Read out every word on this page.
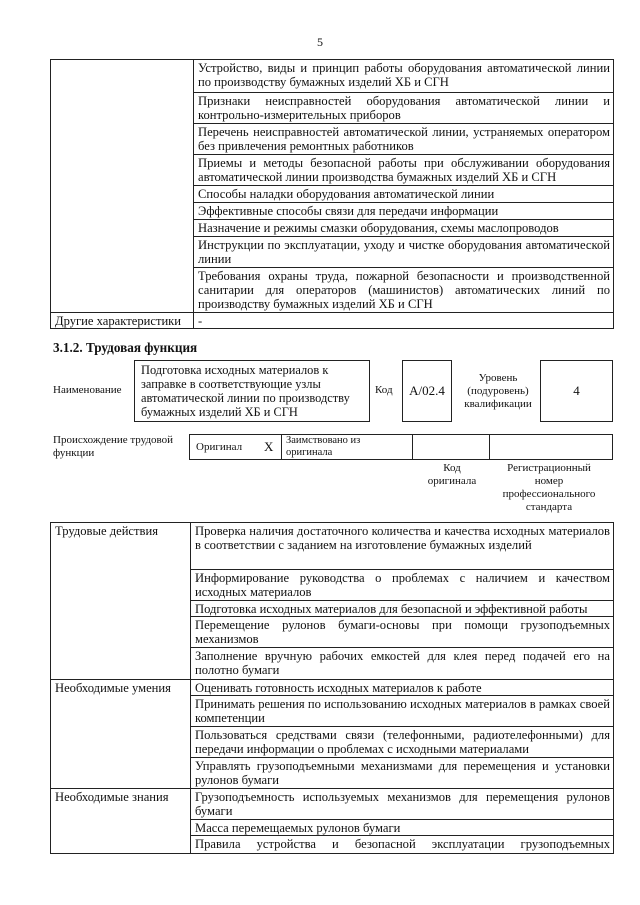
5
	Устройство, виды и принцип работы оборудования автоматической линии по производству бумажных изделий ХБ и СГН
	Признаки неисправностей оборудования автоматической линии и контрольно-измерительных приборов
	Перечень неисправностей автоматической линии, устраняемых оператором без привлечения ремонтных работников
	Приемы и методы безопасной работы при обслуживании оборудования автоматической линии производства бумажных изделий ХБ и СГН
	Способы наладки оборудования автоматической линии
	Эффективные способы связи для передачи информации
	Назначение и режимы смазки оборудования, схемы маслопроводов
	Инструкции по эксплуатации, уходу и чистке оборудования автоматической линии
	Требования охраны труда, пожарной безопасности и производственной санитарии для операторов (машинистов) автоматических линий по производству бумажных изделий ХБ и СГН
Другие характеристики	-
3.1.2. Трудовая функция
Наименование
Подготовка исходных материалов к заправке в соответствующие узлы автоматической линии по производству бумажных изделий ХБ и СГН
Код A/02.4
Уровень (подуровень) квалификации
4
Происхождение трудовой функции	Оригинал X Заимствовано из оригинала
Код оригинала
Регистрационный номер профессионального стандарта
Трудовые действия	Проверка наличия достаточного количества и качества исходных материалов в соответствии с заданием на изготовление бумажных изделий
	Информирование руководства о проблемах с наличием и качеством исходных материалов
	Подготовка исходных материалов для безопасной и эффективной работы
	Перемещение рулонов бумаги-основы при помощи грузоподъемных механизмов
	Заполнение вручную рабочих емкостей для клея перед подачей его на полотно бумаги
Необходимые умения	Оценивать готовность исходных материалов к работе
	Принимать решения по использованию исходных материалов в рамках своей компетенции
	Пользоваться средствами связи (телефонными, радиотелефонными) для передачи информации о проблемах с исходными материалами
	Управлять грузоподъемными механизмами для перемещения и установки рулонов бумаги
Необходимые знания	Грузоподъемность используемых механизмов для перемещения рулонов бумаги
	Масса перемещаемых рулонов бумаги
	Правила устройства и безопасной эксплуатации грузоподъемных
